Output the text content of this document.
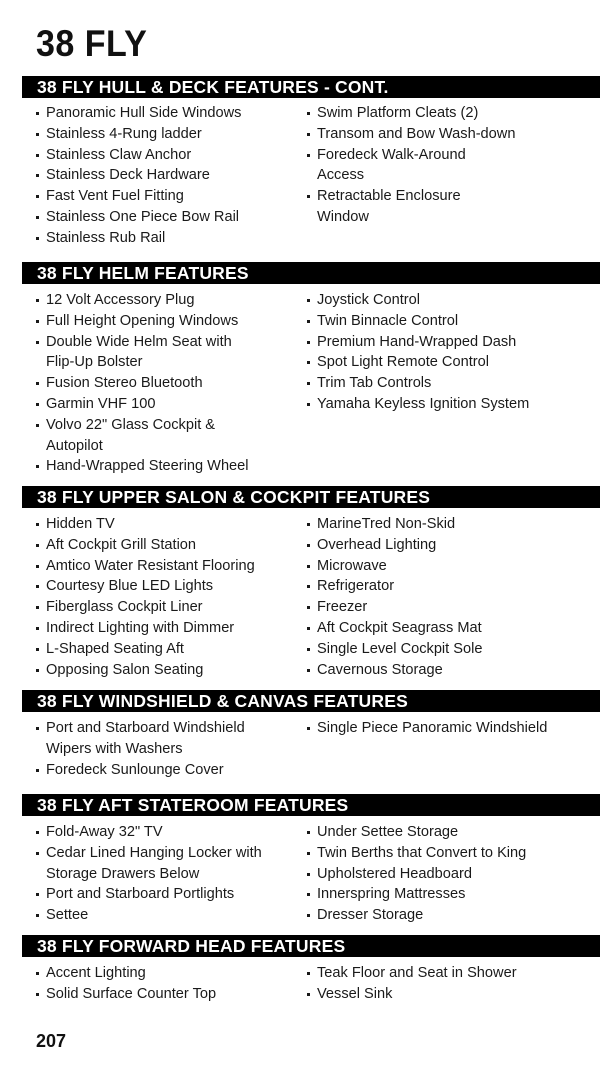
38 FLY
38 FLY HULL & DECK FEATURES - CONT.
Panoramic Hull Side Windows
Stainless 4-Rung ladder
Stainless Claw Anchor
Stainless Deck Hardware
Fast Vent Fuel Fitting
Stainless One Piece Bow Rail
Stainless Rub Rail
Swim Platform Cleats (2)
Transom and Bow Wash-down
Foredeck Walk-Around
Access
Retractable Enclosure
Window
38 FLY HELM FEATURES
12 Volt Accessory Plug
Full Height Opening Windows
Double Wide Helm Seat with
Flip-Up Bolster
Fusion Stereo Bluetooth
Garmin VHF 100
Volvo 22" Glass Cockpit &
Autopilot
Hand-Wrapped Steering Wheel
Joystick Control
Twin Binnacle Control
Premium Hand-Wrapped Dash
Spot Light Remote Control
Trim Tab Controls
Yamaha Keyless Ignition System
38 FLY UPPER SALON & COCKPIT FEATURES
Hidden TV
Aft Cockpit Grill Station
Amtico Water Resistant Flooring
Courtesy Blue LED Lights
Fiberglass Cockpit Liner
Indirect Lighting with Dimmer
L-Shaped Seating Aft
Opposing Salon Seating
MarineTred Non-Skid
Overhead Lighting
Microwave
Refrigerator
Freezer
Aft Cockpit Seagrass Mat
Single Level Cockpit Sole
Cavernous Storage
38 FLY WINDSHIELD & CANVAS FEATURES
Port and Starboard Windshield
Wipers with Washers
Foredeck Sunlounge Cover
Single Piece Panoramic Windshield
38 FLY AFT STATEROOM FEATURES
Fold-Away 32" TV
Cedar Lined Hanging Locker with
Storage Drawers Below
Port and Starboard Portlights
Settee
Under Settee Storage
Twin Berths that Convert to King
Upholstered Headboard
Innerspring Mattresses
Dresser Storage
38 FLY FORWARD HEAD FEATURES
Accent Lighting
Solid Surface Counter Top
Teak Floor and Seat in Shower
Vessel Sink
207
